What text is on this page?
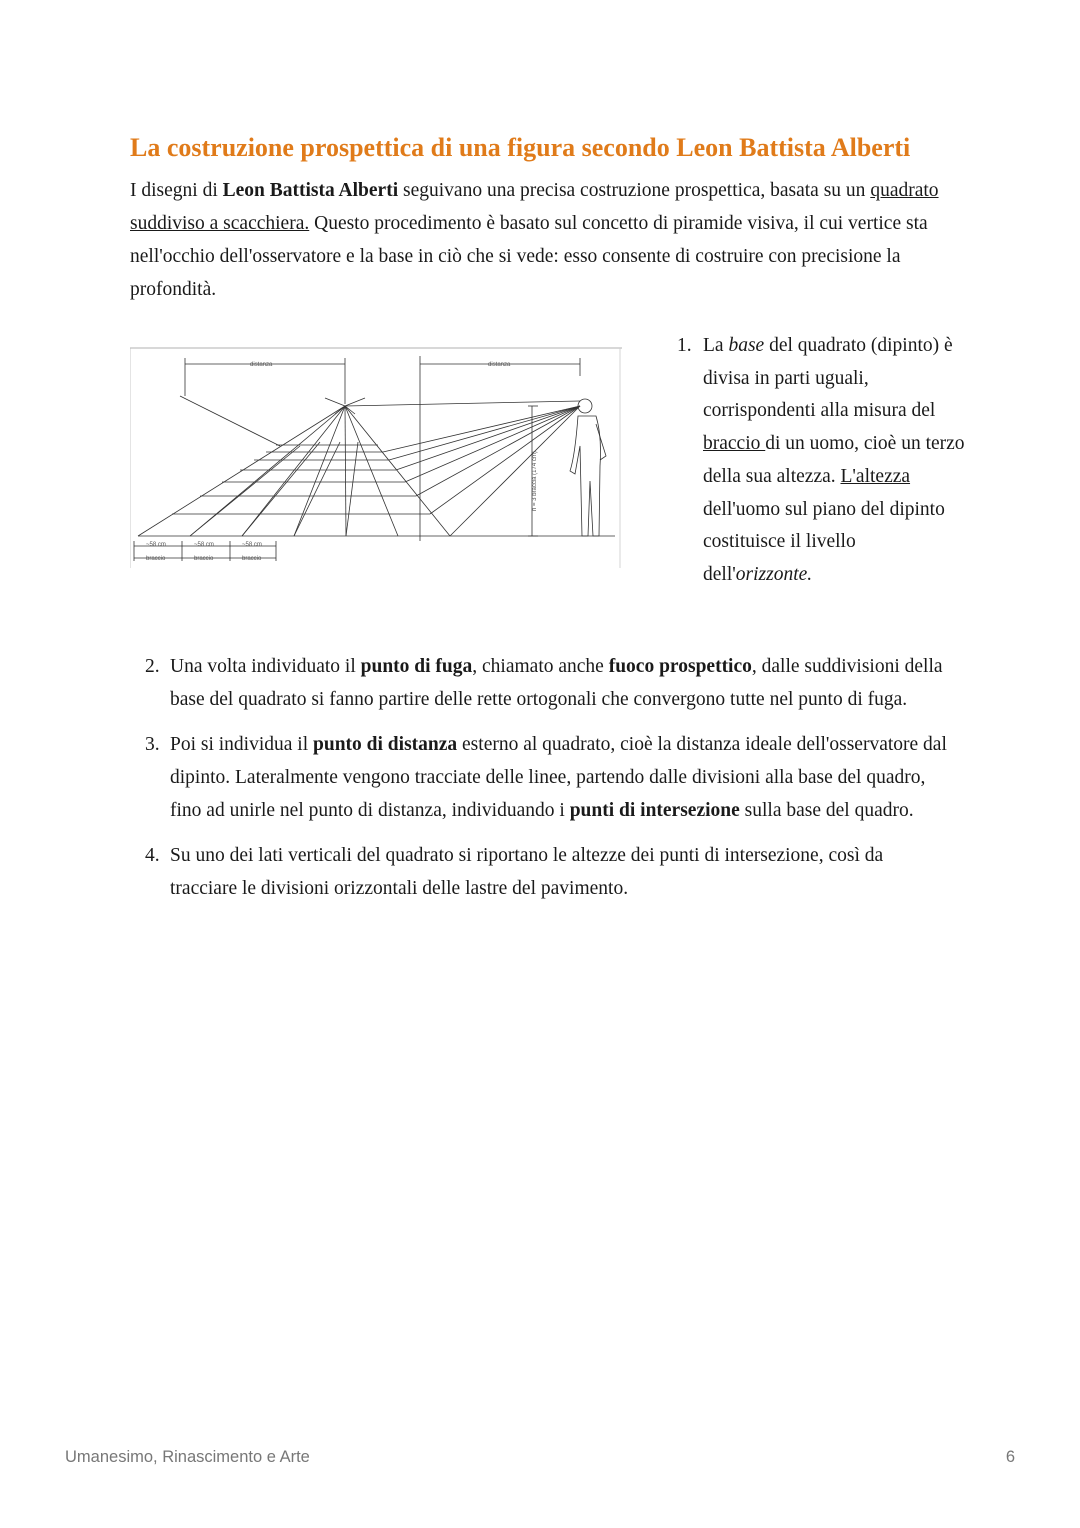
La costruzione prospettica di una figura secondo Leon Battista Alberti

I disegni di Leon Battista Alberti seguivano una precisa costruzione prospettica, basata su un quadrato suddiviso a scacchiera. Questo procedimento è basato sul concetto di piramide visiva, il cui vertice sta nell'occhio dell'osservatore e la base in ciò che si vede: esso consente di costruire con precisione la profondità.

distanza	distanza
h = 3 braccia (174 cm)
~58 cm	~58 cm	~58 cm
braccio	braccio	braccio
1. La base del quadrato (dipinto) è divisa in parti uguali, corrispondenti alla misura del braccio di un uomo, cioè un terzo della sua altezza. L'altezza dell'uomo sul piano del dipinto costituisce il livello dell'orizzonte.
2. Una volta individuato il punto di fuga, chiamato anche fuoco prospettico, dalle suddivisioni della base del quadrato si fanno partire delle rette ortogonali che convergono tutte nel punto di fuga.
3. Poi si individua il punto di distanza esterno al quadrato, cioè la distanza ideale dell'osservatore dal dipinto. Lateralmente vengono tracciate delle linee, partendo dalle divisioni alla base del quadro, fino ad unirle nel punto di distanza, individuando i punti di intersezione sulla base del quadro.
4. Su uno dei lati verticali del quadrato si riportano le altezze dei punti di intersezione, così da tracciare le divisioni orizzontali delle lastre del pavimento.
Umanesimo, Rinascimento e Arte	6
